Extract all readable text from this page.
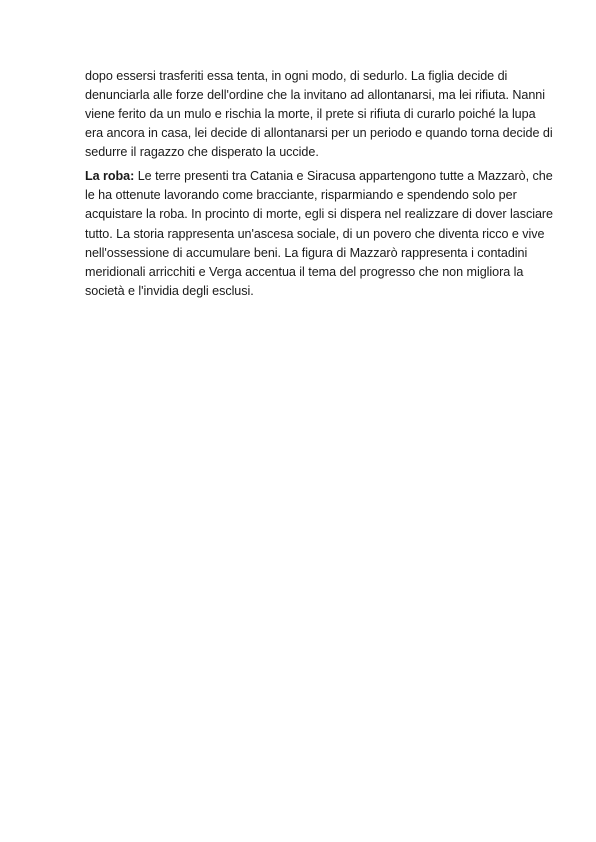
dopo essersi trasferiti essa tenta, in ogni modo, di sedurlo. La figlia decide di
denunciarla alle forze dell'ordine che la invitano ad allontanarsi, ma lei rifiuta. Nanni
viene ferito da un mulo e rischia la morte, il prete si rifiuta di curarlo poiché la lupa
era ancora in casa, lei decide di allontanarsi per un periodo e quando torna decide di
sedurre il ragazzo che disperato la uccide.

La roba: Le terre presenti tra Catania e Siracusa appartengono tutte a Mazzarò, che
le ha ottenute lavorando come bracciante, risparmiando e spendendo solo per
acquistare la roba. In procinto di morte, egli si dispera nel realizzare di dover lasciare
tutto. La storia rappresenta un'ascesa sociale, di un povero che diventa ricco e vive
nell'ossessione di accumulare beni. La figura di Mazzarò rappresenta i contadini
meridionali arricchiti e Verga accentua il tema del progresso che non migliora la
società e l'invidia degli esclusi.
